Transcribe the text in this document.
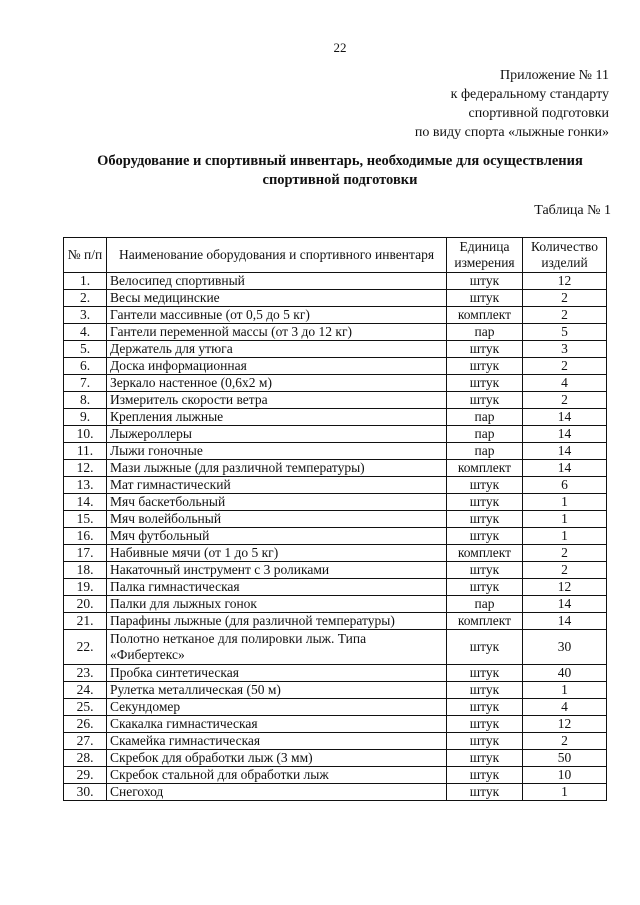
22
Приложение № 11
к федеральному стандарту
спортивной подготовки
по виду спорта «лыжные гонки»
Оборудование и спортивный инвентарь, необходимые для осуществления
спортивной подготовки
Таблица № 1
№ п/п	Наименование оборудования и спортивного инвентаря	Единица измерения	Количество изделий
1.	Велосипед спортивный	штук	12
2.	Весы медицинские	штук	2
3.	Гантели массивные (от 0,5 до 5 кг)	комплект	2
4.	Гантели переменной массы (от 3 до 12 кг)	пар	5
5.	Держатель для утюга	штук	3
6.	Доска информационная	штук	2
7.	Зеркало настенное (0,6х2 м)	штук	4
8.	Измеритель скорости ветра	штук	2
9.	Крепления лыжные	пар	14
10.	Лыжероллеры	пар	14
11.	Лыжи гоночные	пар	14
12.	Мази лыжные (для различной температуры)	комплект	14
13.	Мат гимнастический	штук	6
14.	Мяч баскетбольный	штук	1
15.	Мяч волейбольный	штук	1
16.	Мяч футбольный	штук	1
17.	Набивные мячи (от 1 до 5 кг)	комплект	2
18.	Накаточный инструмент с 3 роликами	штук	2
19.	Палка гимнастическая	штук	12
20.	Палки для лыжных гонок	пар	14
21.	Парафины лыжные (для различной температуры)	комплект	14
22.	Полотно нетканое для полировки лыж. Типа «Фибертекс»	штук	30
23.	Пробка синтетическая	штук	40
24.	Рулетка металлическая (50 м)	штук	1
25.	Секундомер	штук	4
26.	Скакалка гимнастическая	штук	12
27.	Скамейка гимнастическая	штук	2
28.	Скребок для обработки лыж (3 мм)	штук	50
29.	Скребок стальной для обработки лыж	штук	10
30.	Снегоход	штук	1
